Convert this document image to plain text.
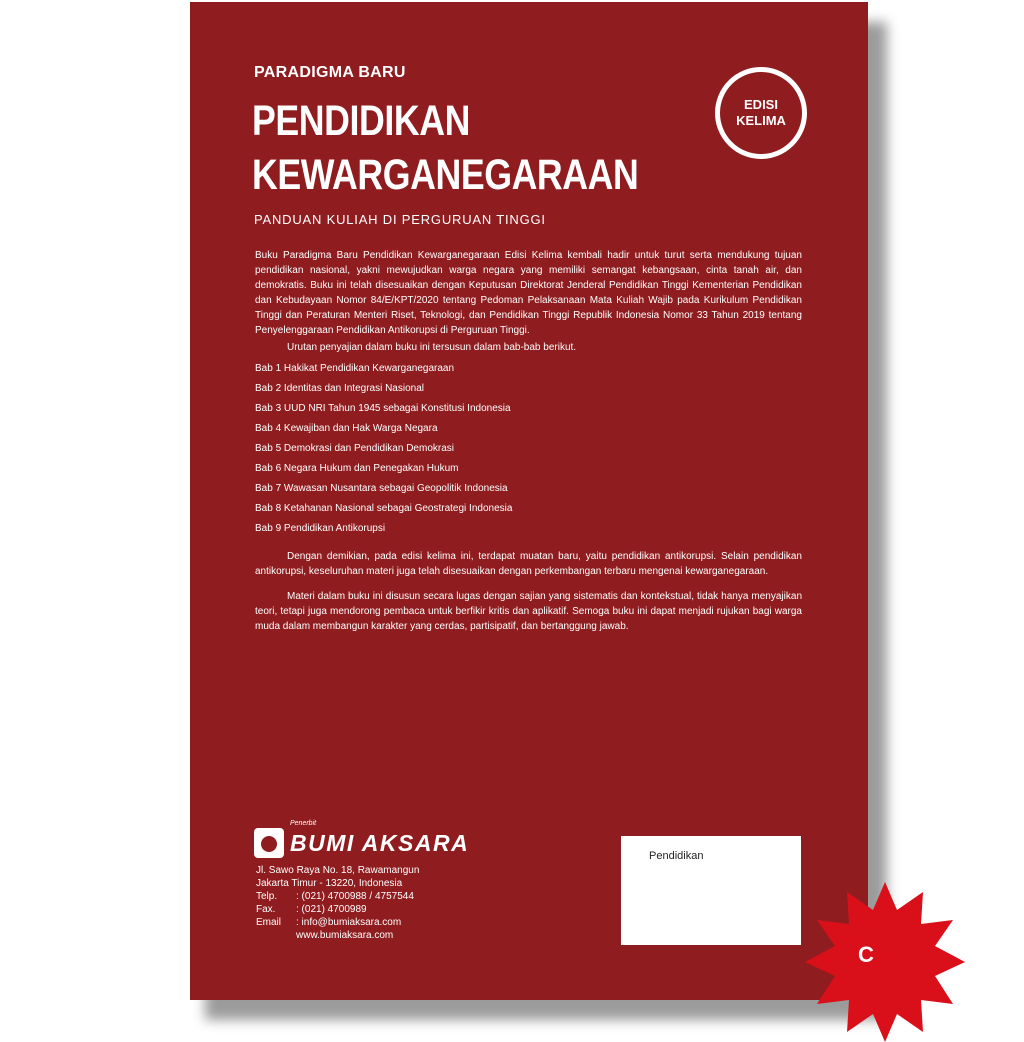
PARADIGMA BARU
PENDIDIKAN
KEWARGANEGARAAN
PANDUAN KULIAH DI PERGURUAN TINGGI
EDISI
KELIMA

Buku Paradigma Baru Pendidikan Kewarganegaraan Edisi Kelima kembali hadir untuk turut serta mendukung tujuan pendidikan nasional, yakni mewujudkan warga negara yang memiliki semangat kebangsaan, cinta tanah air, dan demokratis. Buku ini telah disesuaikan dengan Keputusan Direktorat Jenderal Pendidikan Tinggi Kementerian Pendidikan dan Kebudayaan Nomor 84/E/KPT/2020 tentang Pedoman Pelaksanaan Mata Kuliah Wajib pada Kurikulum Pendidikan Tinggi dan Peraturan Menteri Riset, Teknologi, dan Pendidikan Tinggi Republik Indonesia Nomor 33 Tahun 2019 tentang Penyelenggaraan Pendidikan Antikorupsi di Perguruan Tinggi.

Urutan penyajian dalam buku ini tersusun dalam bab-bab berikut.

Bab 1 Hakikat Pendidikan Kewarganegaraan
Bab 2 Identitas dan Integrasi Nasional
Bab 3 UUD NRI Tahun 1945 sebagai Konstitusi Indonesia
Bab 4 Kewajiban dan Hak Warga Negara
Bab 5 Demokrasi dan Pendidikan Demokrasi
Bab 6 Negara Hukum dan Penegakan Hukum
Bab 7 Wawasan Nusantara sebagai Geopolitik Indonesia
Bab 8 Ketahanan Nasional sebagai Geostrategi Indonesia
Bab 9 Pendidikan Antikorupsi

Dengan demikian, pada edisi kelima ini, terdapat muatan baru, yaitu pendidikan antikorupsi. Selain pendidikan antikorupsi, keseluruhan materi juga telah disesuaikan dengan perkembangan terbaru mengenai kewarganegaraan.

Materi dalam buku ini disusun secara lugas dengan sajian yang sistematis dan kontekstual, tidak hanya menyajikan teori, tetapi juga mendorong pembaca untuk berfikir kritis dan aplikatif. Semoga buku ini dapat menjadi rujukan bagi warga muda dalam membangun karakter yang cerdas, partisipatif, dan bertanggung jawab.

Penerbit
BUMI AKSARA
Jl. Sawo Raya No. 18, Rawamangun
Jakarta Timur - 13220, Indonesia
Telp. : (021) 4700988 / 4757544
Fax. : (021) 4700989
Email : info@bumiaksara.com
www.bumiaksara.com
Pendidikan
C
